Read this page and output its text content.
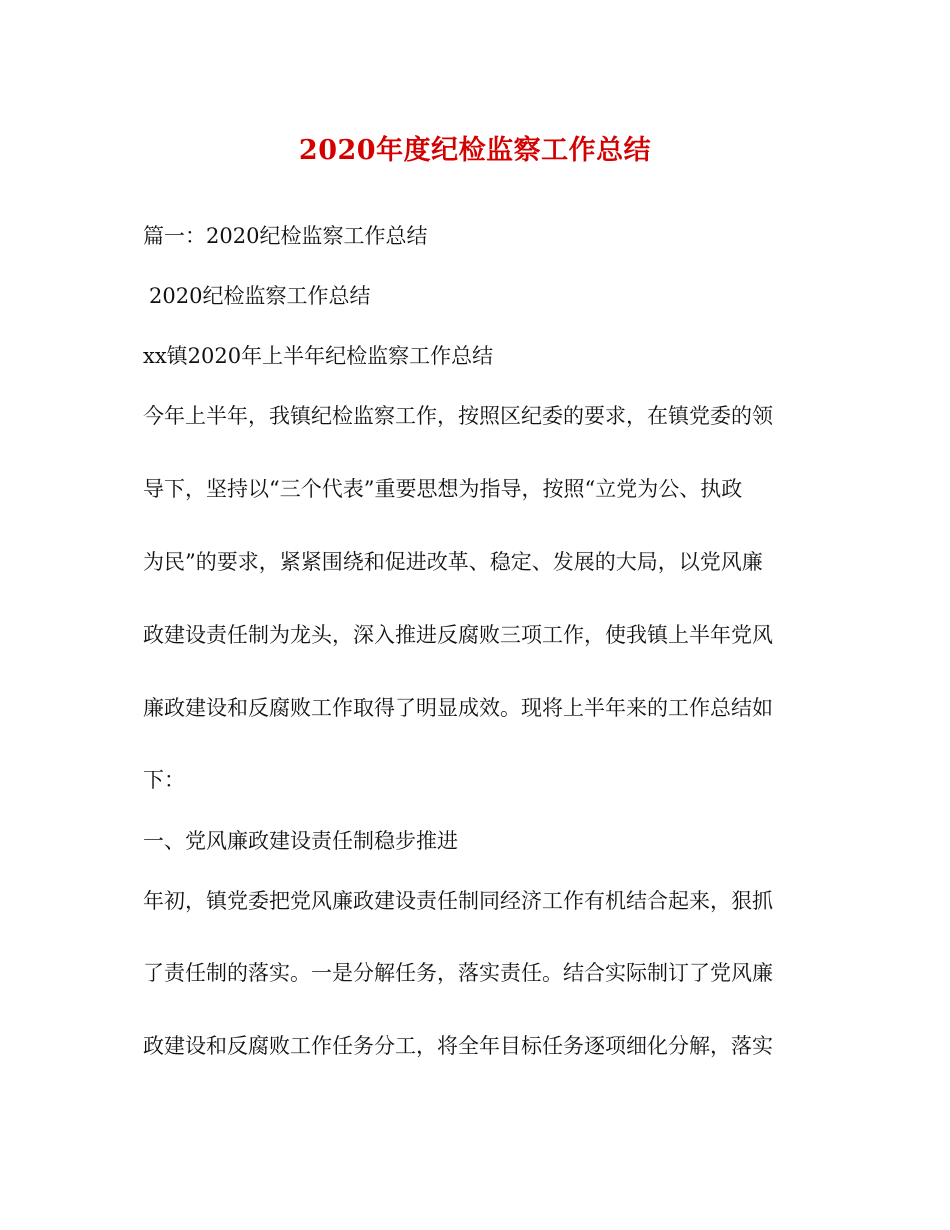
2020年度纪检监察工作总结
篇一：2020纪检监察工作总结
2020纪检监察工作总结
xx镇2020年上半年纪检监察工作总结
今年上半年，我镇纪检监察工作，按照区纪委的要求，在镇党委的领
导下，坚持以“三个代表”重要思想为指导，按照“立党为公、执政
为民”的要求，紧紧围绕和促进改革、稳定、发展的大局，以党风廉
政建设责任制为龙头，深入推进反腐败三项工作，使我镇上半年党风
廉政建设和反腐败工作取得了明显成效。现将上半年来的工作总结如
下：
一、党风廉政建设责任制稳步推进
年初，镇党委把党风廉政建设责任制同经济工作有机结合起来，狠抓
了责任制的落实。一是分解任务，落实责任。结合实际制订了党风廉
政建设和反腐败工作任务分工，将全年目标任务逐项细化分解，落实
